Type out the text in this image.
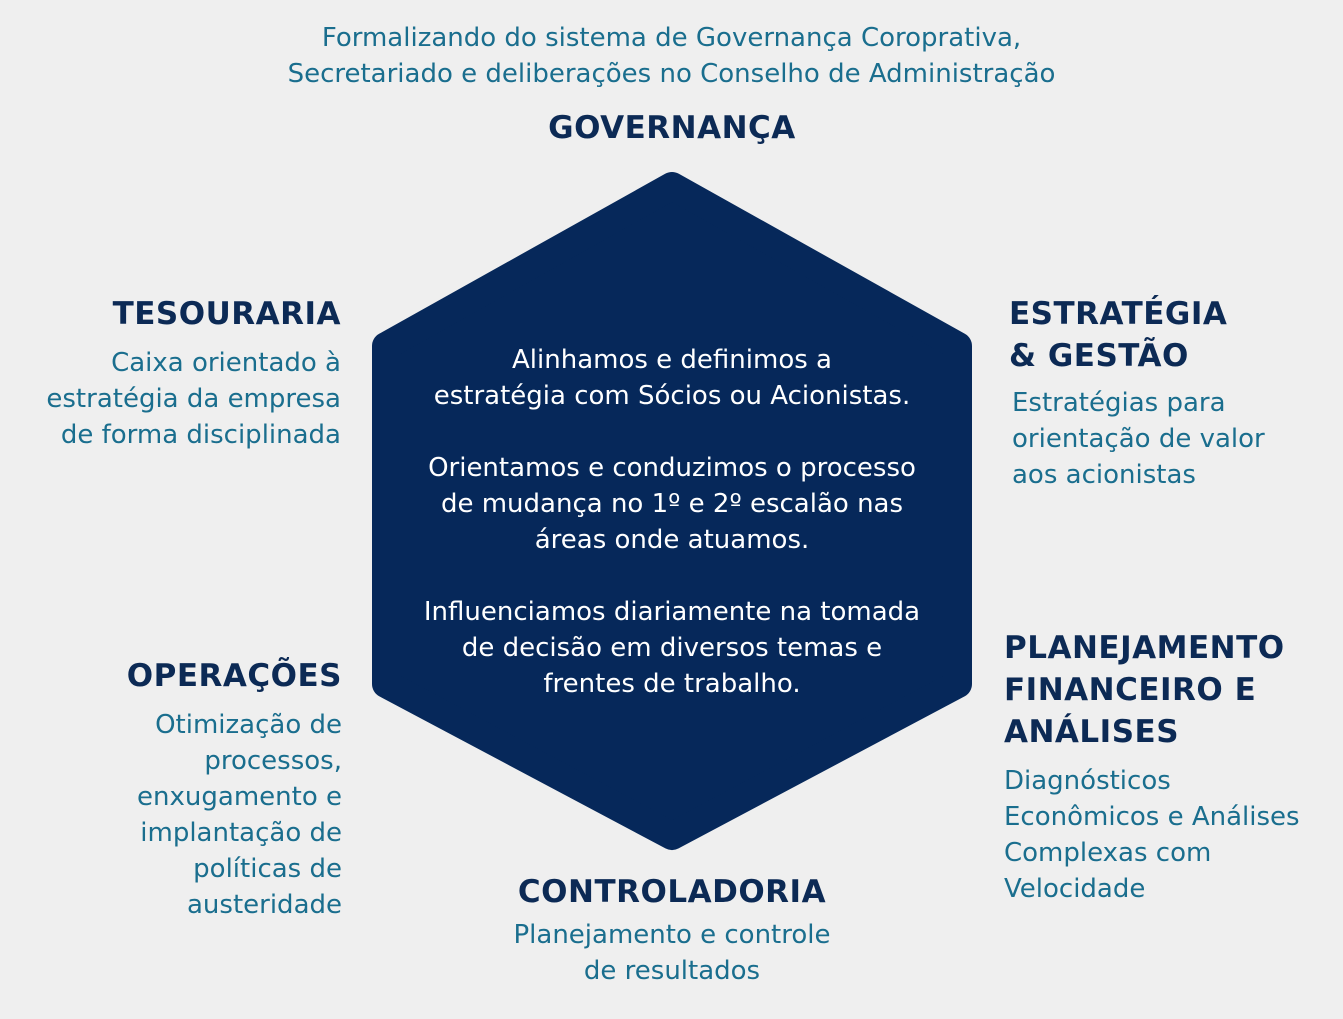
Formalizando do sistema de Governança Coroprativa,
Secretariado e deliberações no Conselho de Administração
GOVERNANÇA
Alinhamos e definimos a
estratégia com Sócios ou Acionistas.

Orientamos e conduzimos o processo
de mudança no 1º e 2º escalão nas
áreas onde atuamos.

Influenciamos diariamente na tomada
de decisão em diversos temas e
frentes de trabalho.
TESOURARIA
Caixa orientado à
estratégia da empresa
de forma disciplinada
ESTRATÉGIA
& GESTÃO
Estratégias para
orientação de valor
aos acionistas
OPERAÇÕES
Otimização de
processos,
enxugamento e
implantação de
políticas de
austeridade
PLANEJAMENTO
FINANCEIRO E
ANÁLISES
Diagnósticos
Econômicos e Análises
Complexas com
Velocidade
CONTROLADORIA
Planejamento e controle
de resultados
